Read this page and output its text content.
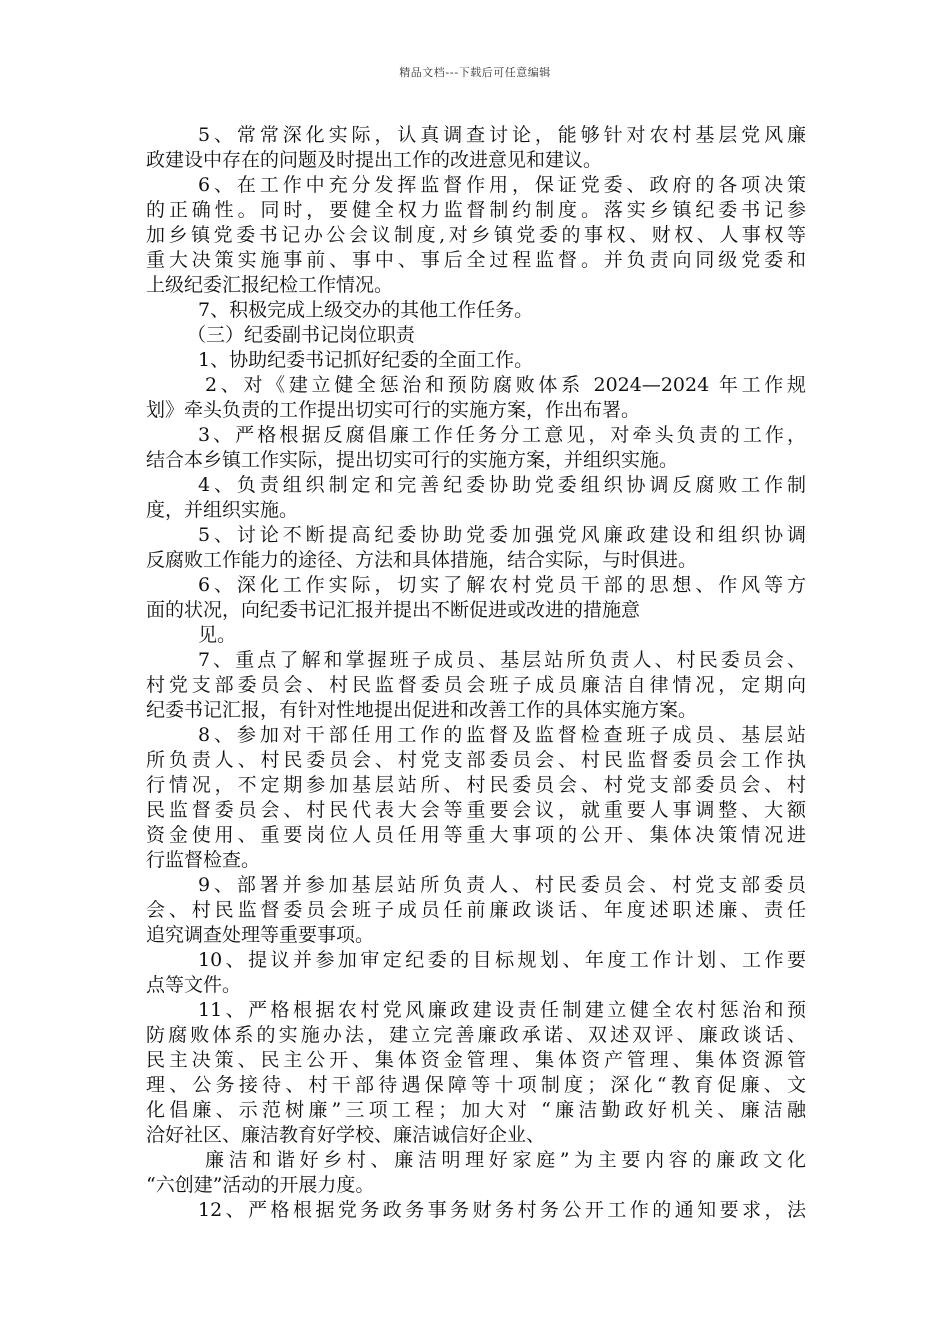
精品文档---下载后可任意编辑
5、常常深化实际，认真调查讨论，能够针对农村基层党风廉
政建设中存在的问题及时提出工作的改进意见和建议。
6、在工作中充分发挥监督作用，保证党委、政府的各项决策
的正确性。同时，要健全权力监督制约制度。落实乡镇纪委书记参
加乡镇党委书记办公会议制度,对乡镇党委的事权、财权、人事权等
重大决策实施事前、事中、事后全过程监督。并负责向同级党委和
上级纪委汇报纪检工作情况。
7、积极完成上级交办的其他工作任务。
（三）纪委副书记岗位职责
1、协助纪委书记抓好纪委的全面工作。
2、对《建立健全惩治和预防腐败体系 2024—2024 年工作规
划》牵头负责的工作提出切实可行的实施方案，作出布署。
3、严格根据反腐倡廉工作任务分工意见，对牵头负责的工作，
结合本乡镇工作实际，提出切实可行的实施方案，并组织实施。
4、负责组织制定和完善纪委协助党委组织协调反腐败工作制
度，并组织实施。
5、讨论不断提高纪委协助党委加强党风廉政建设和组织协调
反腐败工作能力的途径、方法和具体措施，结合实际，与时俱进。
6、深化工作实际，切实了解农村党员干部的思想、作风等方
面的状况，向纪委书记汇报并提出不断促进或改进的措施意
见。
7、重点了解和掌握班子成员、基层站所负责人、村民委员会、
村党支部委员会、村民监督委员会班子成员廉洁自律情况，定期向
纪委书记汇报，有针对性地提出促进和改善工作的具体实施方案。
8、参加对干部任用工作的监督及监督检查班子成员、基层站
所负责人、村民委员会、村党支部委员会、村民监督委员会工作执
行情况，不定期参加基层站所、村民委员会、村党支部委员会、村
民监督委员会、村民代表大会等重要会议，就重要人事调整、大额
资金使用、重要岗位人员任用等重大事项的公开、集体决策情况进
行监督检查。
9、部署并参加基层站所负责人、村民委员会、村党支部委员
会、村民监督委员会班子成员任前廉政谈话、年度述职述廉、责任
追究调查处理等重要事项。
10、提议并参加审定纪委的目标规划、年度工作计划、工作要
点等文件。
11、严格根据农村党风廉政建设责任制建立健全农村惩治和预
防腐败体系的实施办法，建立完善廉政承诺、双述双评、廉政谈话、
民主决策、民主公开、集体资金管理、集体资产管理、集体资源管
理、公务接待、村干部待遇保障等十项制度；深化“教育促廉、文
化倡廉、示范树廉”三项工程；加大对 “廉洁勤政好机关、廉洁融
洽好社区、廉洁教育好学校、廉洁诚信好企业、
廉洁和谐好乡村、廉洁明理好家庭”为主要内容的廉政文化
“六创建”活动的开展力度。
12、严格根据党务政务事务财务村务公开工作的通知要求，法
